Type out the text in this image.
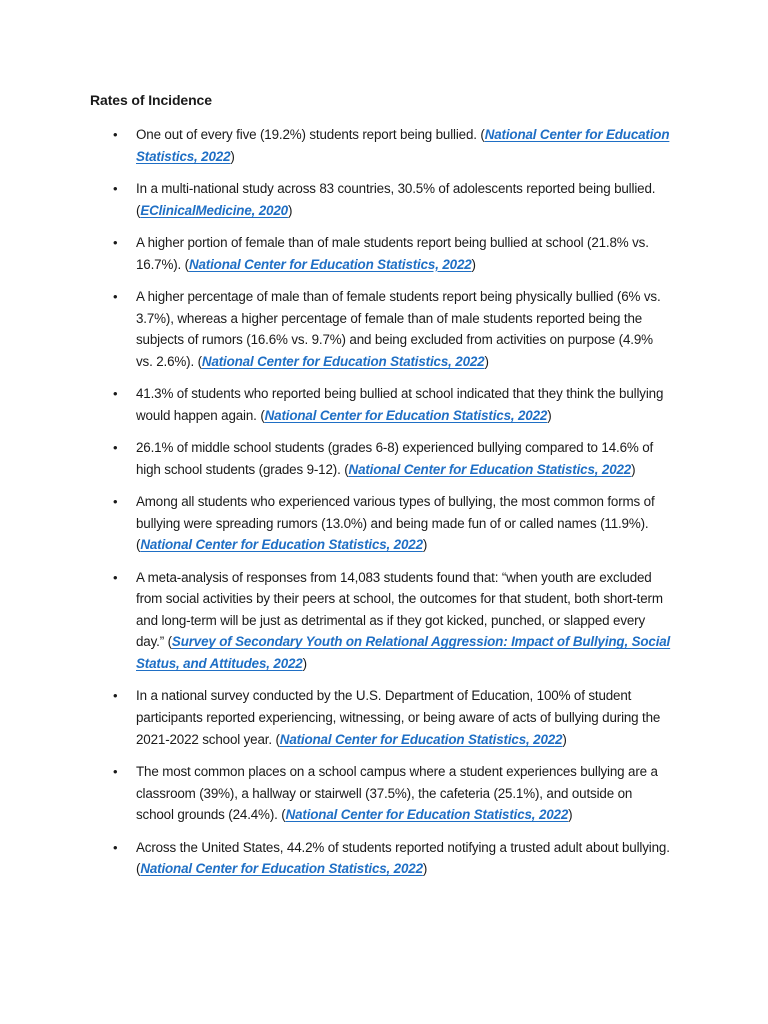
Rates of Incidence
• One out of every five (19.2%) students report being bullied. (National Center for Education Statistics, 2022)
• In a multi-national study across 83 countries, 30.5% of adolescents reported being bullied. (EClinicalMedicine, 2020)
• A higher portion of female than of male students report being bullied at school (21.8% vs. 16.7%). (National Center for Education Statistics, 2022)
• A higher percentage of male than of female students report being physically bullied (6% vs. 3.7%), whereas a higher percentage of female than of male students reported being the subjects of rumors (16.6% vs. 9.7%) and being excluded from activities on purpose (4.9% vs. 2.6%). (National Center for Education Statistics, 2022)
• 41.3% of students who reported being bullied at school indicated that they think the bullying would happen again. (National Center for Education Statistics, 2022)
• 26.1% of middle school students (grades 6-8) experienced bullying compared to 14.6% of high school students (grades 9-12). (National Center for Education Statistics, 2022)
• Among all students who experienced various types of bullying, the most common forms of bullying were spreading rumors (13.0%) and being made fun of or called names (11.9%). (National Center for Education Statistics, 2022)
• A meta-analysis of responses from 14,083 students found that: “when youth are excluded from social activities by their peers at school, the outcomes for that student, both short-term and long-term will be just as detrimental as if they got kicked, punched, or slapped every day.” (Survey of Secondary Youth on Relational Aggression: Impact of Bullying, Social Status, and Attitudes, 2022)
• In a national survey conducted by the U.S. Department of Education, 100% of student participants reported experiencing, witnessing, or being aware of acts of bullying during the 2021-2022 school year. (National Center for Education Statistics, 2022)
• The most common places on a school campus where a student experiences bullying are a classroom (39%), a hallway or stairwell (37.5%), the cafeteria (25.1%), and outside on school grounds (24.4%). (National Center for Education Statistics, 2022)
• Across the United States, 44.2% of students reported notifying a trusted adult about bullying. (National Center for Education Statistics, 2022)
